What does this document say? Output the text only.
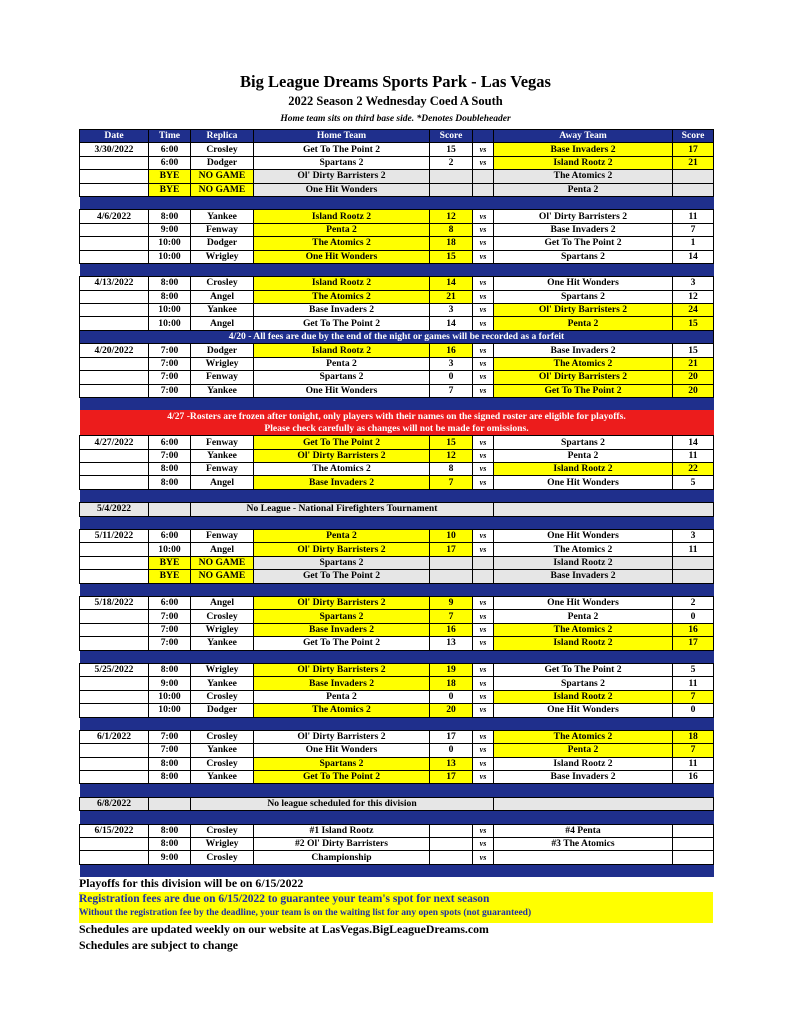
Big League Dreams Sports Park - Las Vegas
2022 Season 2 Wednesday Coed A South
Home team sits on third base side. *Denotes Doubleheader
Date	Time	Replica	Home Team	Score		Away Team	Score
3/30/2022	6:00	Crosley	Get To The Point 2	15	vs	Base Invaders 2	17
	6:00	Dodger	Spartans 2	2	vs	Island Rootz 2	21
	BYE	NO GAME	Ol' Dirty Barristers 2			The Atomics 2	
	BYE	NO GAME	One Hit Wonders			Penta 2	

4/6/2022	8:00	Yankee	Island Rootz 2	12	vs	Ol' Dirty Barristers 2	11
	9:00	Fenway	Penta 2	8	vs	Base Invaders 2	7
	10:00	Dodger	The Atomics 2	18	vs	Get To The Point 2	1
	10:00	Wrigley	One Hit Wonders	15	vs	Spartans 2	14

4/13/2022	8:00	Crosley	Island Rootz 2	14	vs	One Hit Wonders	3
	8:00	Angel	The Atomics 2	21	vs	Spartans 2	12
	10:00	Yankee	Base Invaders 2	3	vs	Ol' Dirty Barristers 2	24
	10:00	Angel	Get To The Point 2	14	vs	Penta 2	15
4/20 - All fees are due by the end of the night or games will be recorded as a forfeit							
4/20/2022	7:00	Dodger	Island Rootz 2	16	vs	Base Invaders 2	15
	7:00	Wrigley	Penta 2	3	vs	The Atomics 2	21
	7:00	Fenway	Spartans 2	0	vs	Ol' Dirty Barristers 2	20
	7:00	Yankee	One Hit Wonders	7	vs	Get To The Point 2	20

4/27 -Rosters are frozen after tonight, only players with their names on the signed roster are eligible for playoffs.							
Please check carefully as changes will not be made for omissions.							
4/27/2022	6:00	Fenway	Get To The Point 2	15	vs	Spartans 2	14
	7:00	Yankee	Ol' Dirty Barristers 2	12	vs	Penta 2	11
	8:00	Fenway	The Atomics 2	8	vs	Island Rootz 2	22
	8:00	Angel	Base Invaders 2	7	vs	One Hit Wonders	5

5/4/2022		No League - National Firefighters Tournament					

5/11/2022	6:00	Fenway	Penta 2	10	vs	One Hit Wonders	3
	10:00	Angel	Ol' Dirty Barristers 2	17	vs	The Atomics 2	11
	BYE	NO GAME	Spartans 2			Island Rootz 2	
	BYE	NO GAME	Get To The Point 2			Base Invaders 2	

5/18/2022	6:00	Angel	Ol' Dirty Barristers 2	9	vs	One Hit Wonders	2
	7:00	Crosley	Spartans 2	7	vs	Penta 2	0
	7:00	Wrigley	Base Invaders 2	16	vs	The Atomics 2	16
	7:00	Yankee	Get To The Point 2	13	vs	Island Rootz 2	17

5/25/2022	8:00	Wrigley	Ol' Dirty Barristers 2	19	vs	Get To The Point 2	5
	9:00	Yankee	Base Invaders 2	18	vs	Spartans 2	11
	10:00	Crosley	Penta 2	0	vs	Island Rootz 2	7
	10:00	Dodger	The Atomics 2	20	vs	One Hit Wonders	0

6/1/2022	7:00	Crosley	Ol' Dirty Barristers 2	17	vs	The Atomics 2	18
	7:00	Yankee	One Hit Wonders	0	vs	Penta 2	7
	8:00	Crosley	Spartans 2	13	vs	Island Rootz 2	11
	8:00	Yankee	Get To The Point 2	17	vs	Base Invaders 2	16

6/8/2022		No league scheduled for this division					

6/15/2022	8:00	Crosley	#1 Island Rootz		vs	#4 Penta	
	8:00	Wrigley	#2 Ol' Dirty Barristers		vs	#3 The Atomics	
	9:00	Crosley	Championship		vs		

Playoffs for this division will be on 6/15/2022
Registration fees are due on 6/15/2022 to guarantee your team's spot for next season
Without the registration fee by the deadline, your team is on the waiting list for any open spots (not guaranteed)
Schedules are updated weekly on our website at LasVegas.BigLeagueDreams.com
Schedules are subject to change
